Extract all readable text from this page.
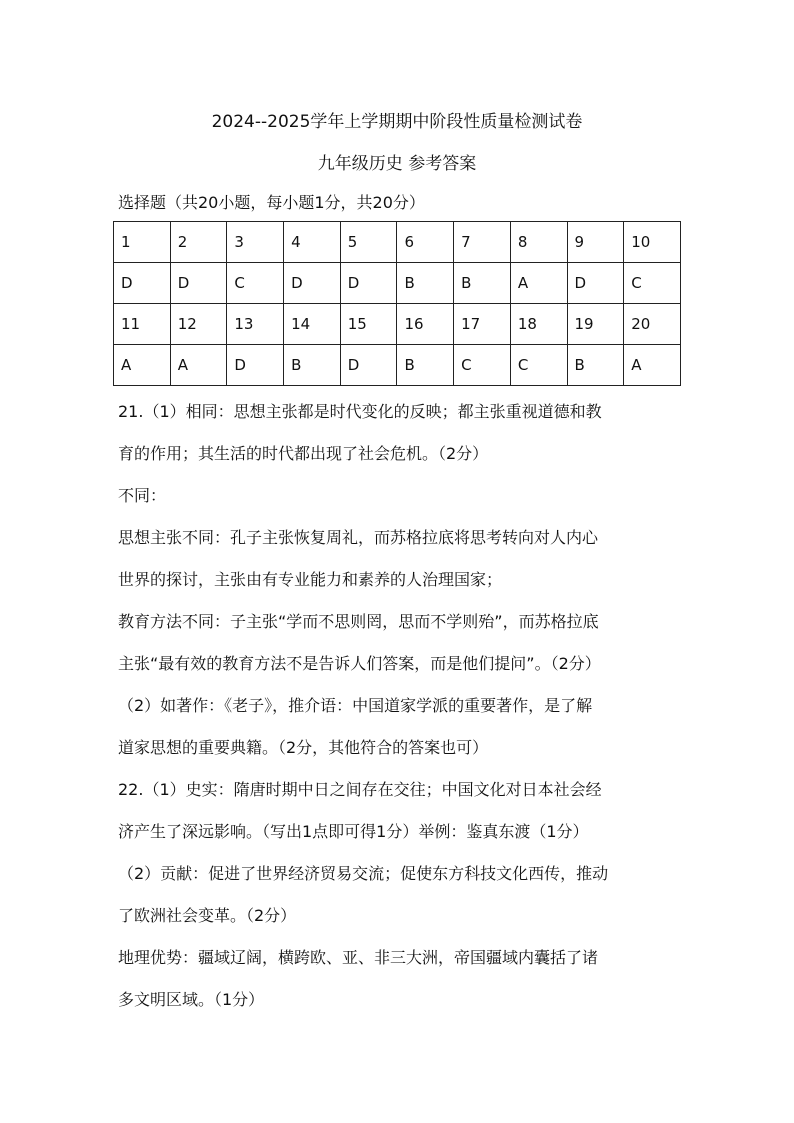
2024--2025学年上学期期中阶段性质量检测试卷
九年级历史 参考答案
选择题（共20小题，每小题1分，共20分）
1	2	3	4	5	6	7	8	9	10
D	D	C	D	D	B	B	A	D	C
11	12	13	14	15	16	17	18	19	20
A	A	D	B	D	B	C	C	B	A
21.（1）相同：思想主张都是时代变化的反映；都主张重视道德和教
育的作用；其生活的时代都出现了社会危机。（2分）
不同：
思想主张不同：孔子主张恢复周礼，而苏格拉底将思考转向对人内心
世界的探讨，主张由有专业能力和素养的人治理国家；
教育方法不同：子主张“学而不思则罔，思而不学则殆”，而苏格拉底
主张“最有效的教育方法不是告诉人们答案，而是他们提问”。（2分）
（2）如著作：《老子》，推介语：中国道家学派的重要著作，是了解
道家思想的重要典籍。（2分，其他符合的答案也可）
22.（1）史实：隋唐时期中日之间存在交往；中国文化对日本社会经
济产生了深远影响。（写出1点即可得1分）举例：鉴真东渡（1分）
（2）贡献：促进了世界经济贸易交流；促使东方科技文化西传，推动
了欧洲社会变革。（2分）
地理优势：疆域辽阔，横跨欧、亚、非三大洲，帝国疆域内囊括了诸
多文明区域。（1分）
